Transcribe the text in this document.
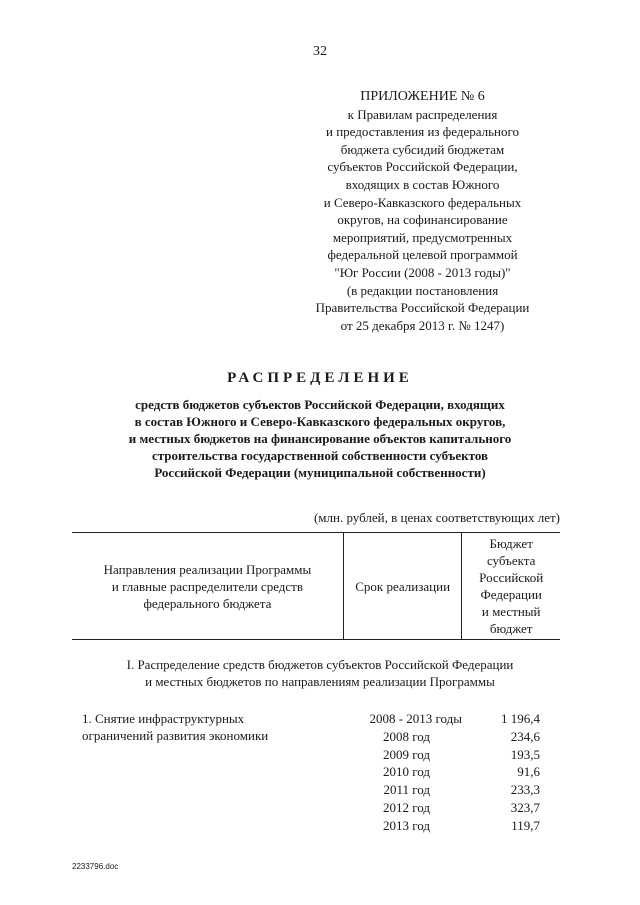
32
ПРИЛОЖЕНИЕ № 6
к Правилам распределения
и предоставления из федерального
бюджета субсидий бюджетам
субъектов Российской Федерации,
входящих в состав Южного
и Северо-Кавказского федеральных
округов, на софинансирование
мероприятий, предусмотренных
федеральной целевой программой
"Юг России (2008 - 2013 годы)"
(в редакции постановления
Правительства Российской Федерации
от 25 декабря 2013 г. № 1247)
РАСПРЕДЕЛЕНИЕ
средств бюджетов субъектов Российской Федерации, входящих
в состав Южного и Северо-Кавказского федеральных округов,
и местных бюджетов на финансирование объектов капитального
строительства государственной собственности субъектов
Российской Федерации (муниципальной собственности)
(млн. рублей, в ценах соответствующих лет)
Направления реализации Программы
и главные распределители средств
федерального бюджета
Срок реализации
Бюджет
субъекта
Российской
Федерации
и местный
бюджет
I. Распределение средств бюджетов субъектов Российской Федерации
и местных бюджетов по направлениям реализации Программы
1. Снятие инфраструктурных
ограничений развития экономики
2008 - 2013 годы
2008 год
2009 год
2010 год
2011 год
2012 год
2013 год
1 196,4
234,6
193,5
91,6
233,3
323,7
119,7
2233796.doc
